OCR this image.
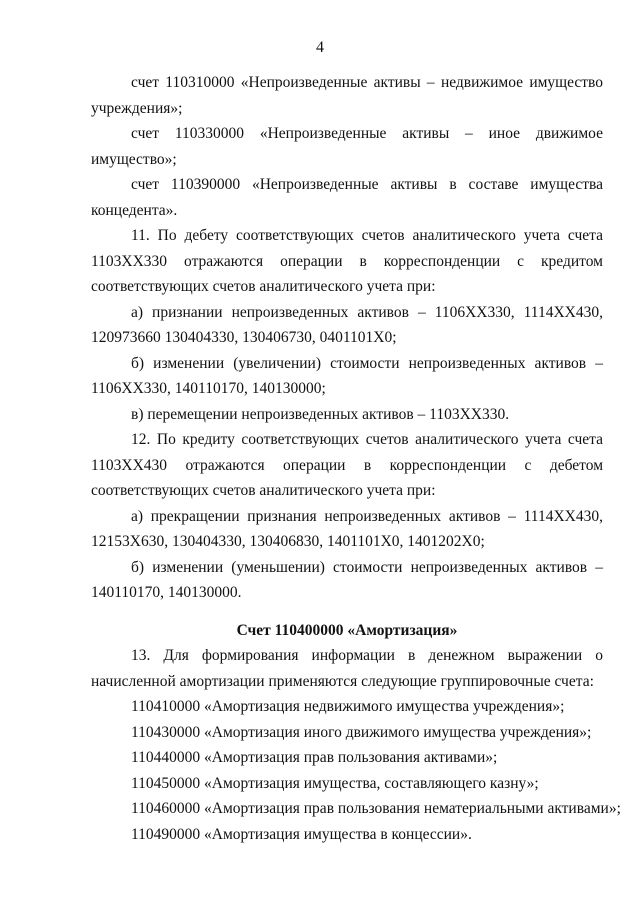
4

счет 110310000 «Непроизведенные активы – недвижимое имущество учреждения»;

счет 110330000 «Непроизведенные активы – иное движимое имущество»;

счет 110390000 «Непроизведенные активы в составе имущества концедента».

11. По дебету соответствующих счетов аналитического учета счета 1103ХХ330 отражаются операции в корреспонденции с кредитом соответствующих счетов аналитического учета при:

а) признании непроизведенных активов – 1106ХХ330, 1114ХХ430, 120973660 130404330, 130406730, 0401101Х0;

б) изменении (увеличении) стоимости непроизведенных активов – 1106ХХ330, 140110170, 140130000;

в) перемещении непроизведенных активов – 1103ХХ330.

12. По кредиту соответствующих счетов аналитического учета счета 1103ХХ430 отражаются операции в корреспонденции с дебетом соответствующих счетов аналитического учета при:

а) прекращении признания непроизведенных активов – 1114ХХ430, 12153Х630, 130404330, 130406830, 1401101Х0, 1401202Х0;

б) изменении (уменьшении) стоимости непроизведенных активов – 140110170, 140130000.

Счет 110400000 «Амортизация»

13. Для формирования информации в денежном выражении о начисленной амортизации применяются следующие группировочные счета:

110410000 «Амортизация недвижимого имущества учреждения»;

110430000 «Амортизация иного движимого имущества учреждения»;

110440000 «Амортизация прав пользования активами»;

110450000 «Амортизация имущества, составляющего казну»;

110460000 «Амортизация прав пользования нематериальными активами»;

110490000 «Амортизация имущества в концессии».
